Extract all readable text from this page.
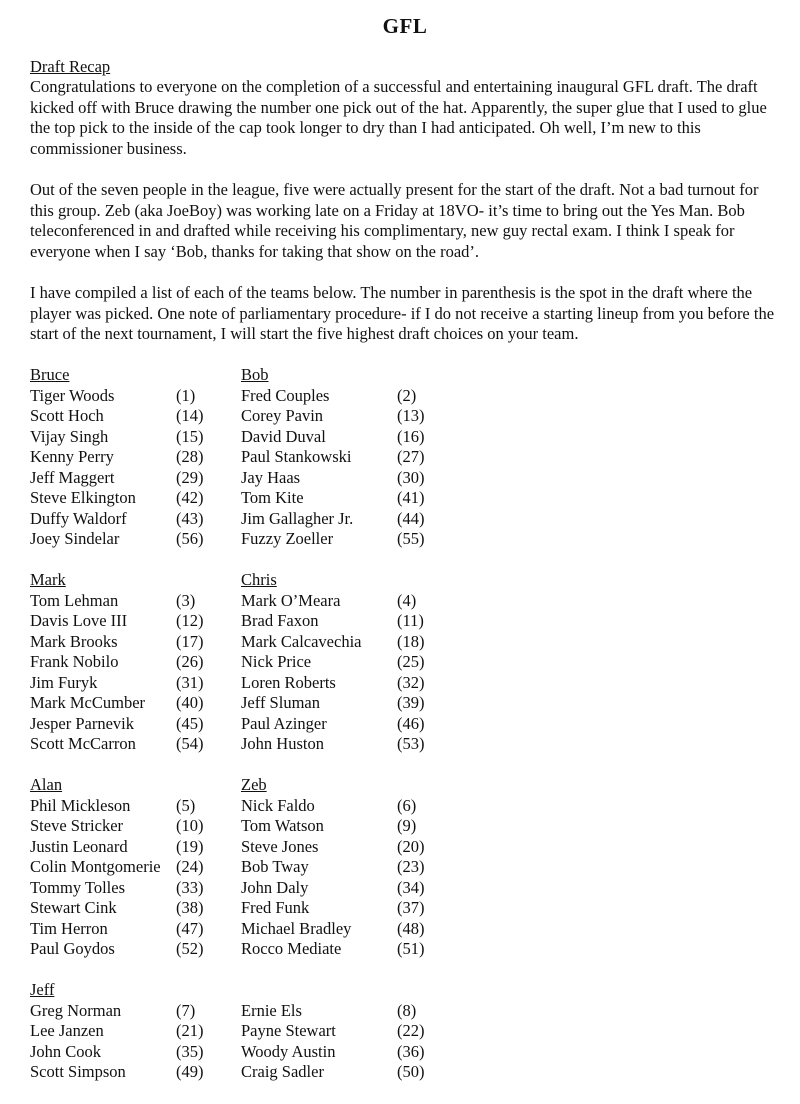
GFL
Draft Recap

Congratulations to everyone on the completion of a successful and entertaining inaugural GFL draft. The draft kicked off with Bruce drawing the number one pick out of the hat. Apparently, the super glue that I used to glue the top pick to the inside of the cap took longer to dry than I had anticipated. Oh well, I’m new to this commissioner business.

Out of the seven people in the league, five were actually present for the start of the draft. Not a bad turnout for this group. Zeb (aka JoeBoy) was working late on a Friday at 18VO- it’s time to bring out the Yes Man. Bob teleconferenced in and drafted while receiving his complimentary, new guy rectal exam. I think I speak for everyone when I say ‘Bob, thanks for taking that show on the road’.

I have compiled a list of each of the teams below. The number in parenthesis is the spot in the draft where the player was picked. One note of parliamentary procedure- if I do not receive a starting lineup from you before the start of the next tournament, I will start the five highest draft choices on your team.

Bruce
Tiger Woods	(1)
Scott Hoch	(14)
Vijay Singh	(15)
Kenny Perry	(28)
Jeff Maggert	(29)
Steve Elkington (42)
Duffy Waldorf	(43)
Joey Sindelar	(56)
Bob
Fred Couples	(2)
Corey Pavin	(13)
David Duval	(16)
Paul Stankowski	(27)
Jay Haas	(30)
Tom Kite	(41)
Jim Gallagher Jr.	(44)
Fuzzy Zoeller	(55)
Mark
Tom Lehman	(3)
Davis Love III	(12)
Mark Brooks	(17)
Frank Nobilo	(26)
Jim Furyk	(31)
Mark McCumber (40)
Jesper Parnevik	(45)
Scott McCarron (54)
Chris
Mark O’Meara	(4)
Brad Faxon	(11)
Mark Calcavechia (18)
Nick Price	(25)
Loren Roberts	(32)
Jeff Sluman	(39)
Paul Azinger	(46)
John Huston	(53)
Alan
Phil Mickleson	(5)
Steve Stricker	(10)
Justin Leonard	(19)
Colin Montgomerie (24)
Tommy Tolles	(33)
Stewart Cink	(38)
Tim Herron	(47)
Paul Goydos	(52)
Zeb
Nick Faldo	(6)
Tom Watson	(9)
Steve Jones	(20)
Bob Tway	(23)
John Daly	(34)
Fred Funk	(37)
Michael Bradley	(48)
Rocco Mediate	(51)
Jeff
Greg Norman	(7)
Lee Janzen	(21)
John Cook	(35)
Scott Simpson	(49)
Ernie Els	(8)
Payne Stewart	(22)
Woody Austin	(36)
Craig Sadler	(50)
